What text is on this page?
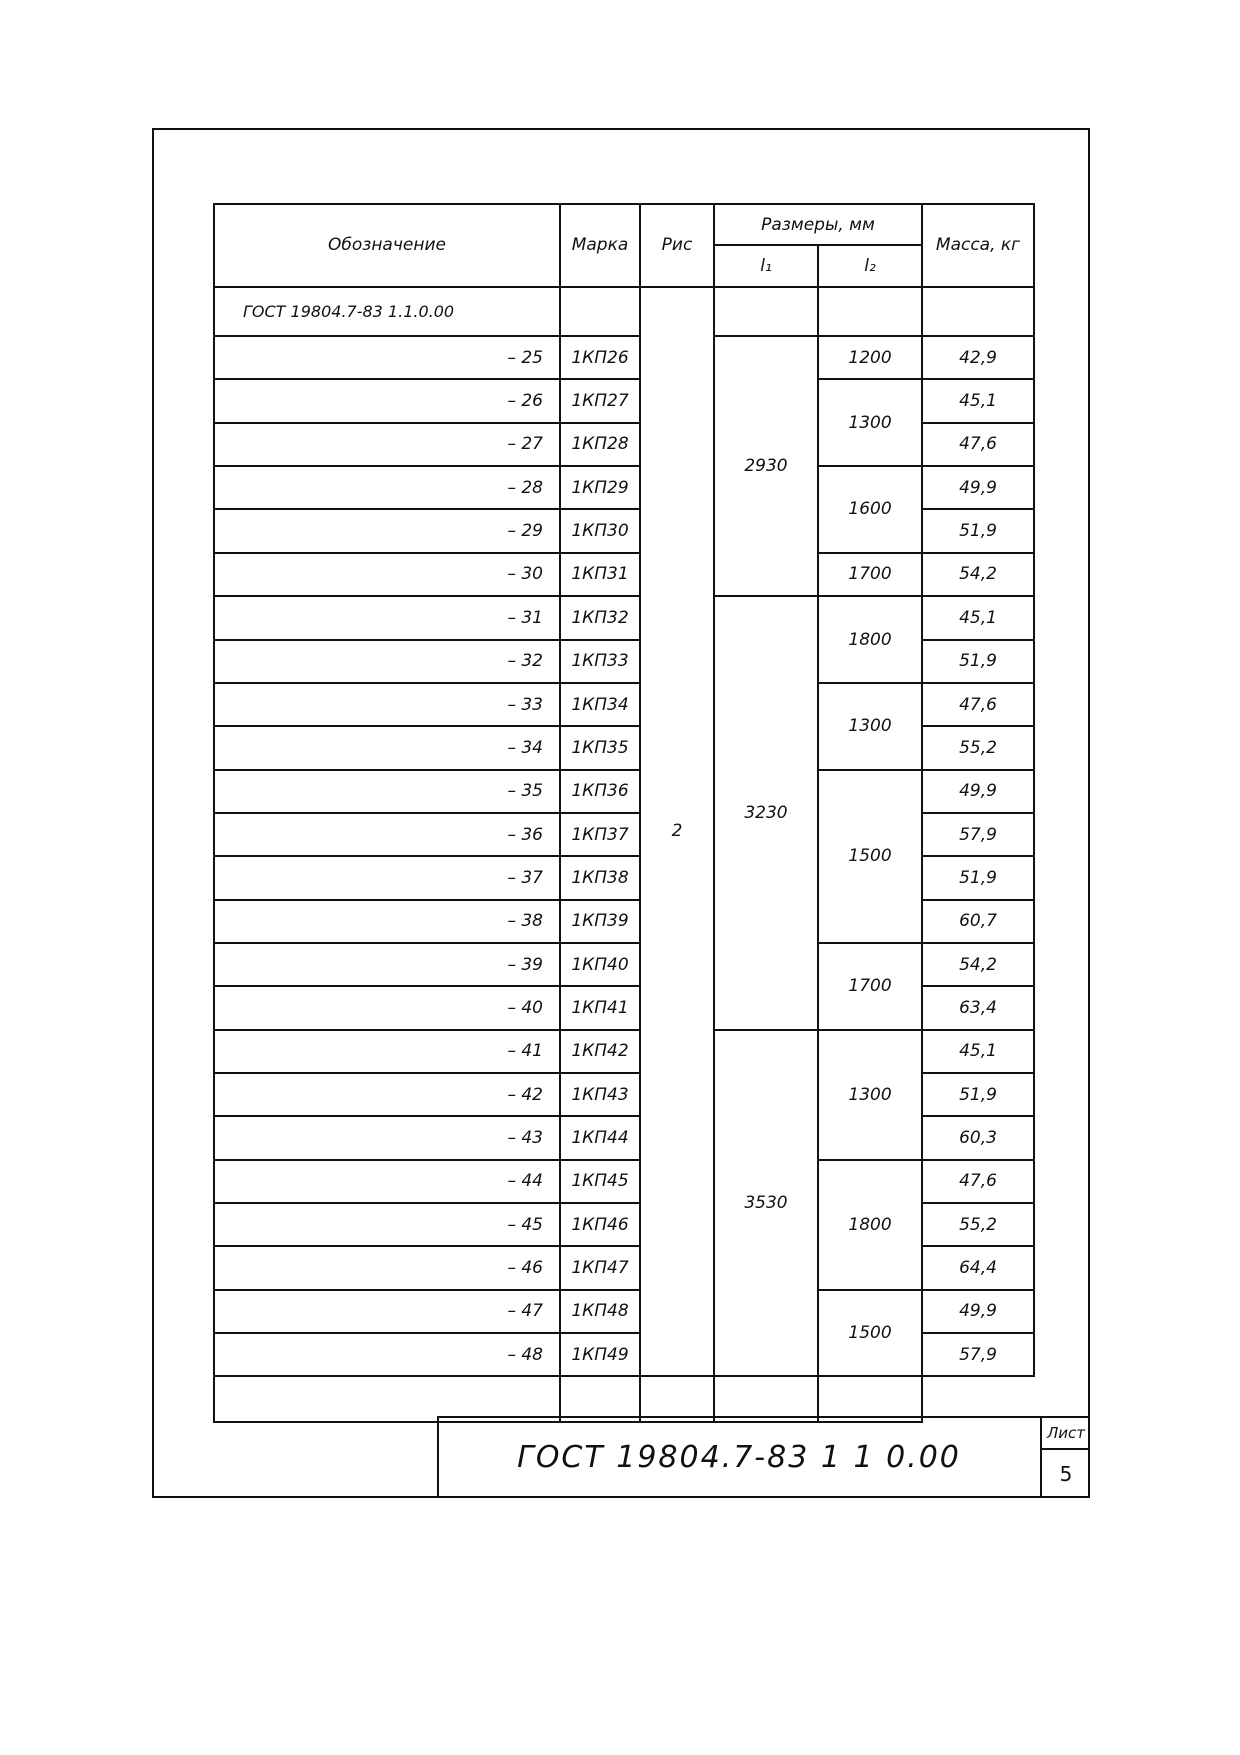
Обозначение	Марка	Рис	Размеры, мм		Масса, кг
			l₁	l₂	
ГОСТ 19804.7-83 1.1.0.00		2			
– 25	1КП26		2930	1200	42,9
– 26	1КП27			1300	45,1
– 27	1КП28				47,6
– 28	1КП29			1600	49,9
– 29	1КП30				51,9
– 30	1КП31			1700	54,2
– 31	1КП32		3230	1800	45,1
– 32	1КП33				51,9
– 33	1КП34			1300	47,6
– 34	1КП35				55,2
– 35	1КП36			1500	49,9
– 36	1КП37				57,9
– 37	1КП38				51,9
– 38	1КП39				60,7
– 39	1КП40			1700	54,2
– 40	1КП41				63,4
– 41	1КП42		3530	1300	45,1
– 42	1КП43				51,9
– 43	1КП44				60,3
– 44	1КП45			1800	47,6
– 45	1КП46				55,2
– 46	1КП47				64,4
– 47	1КП48			1500	49,9
– 48	1КП49				57,9

ГОСТ 19804.7-83 1 1 0.00
Лист
5
